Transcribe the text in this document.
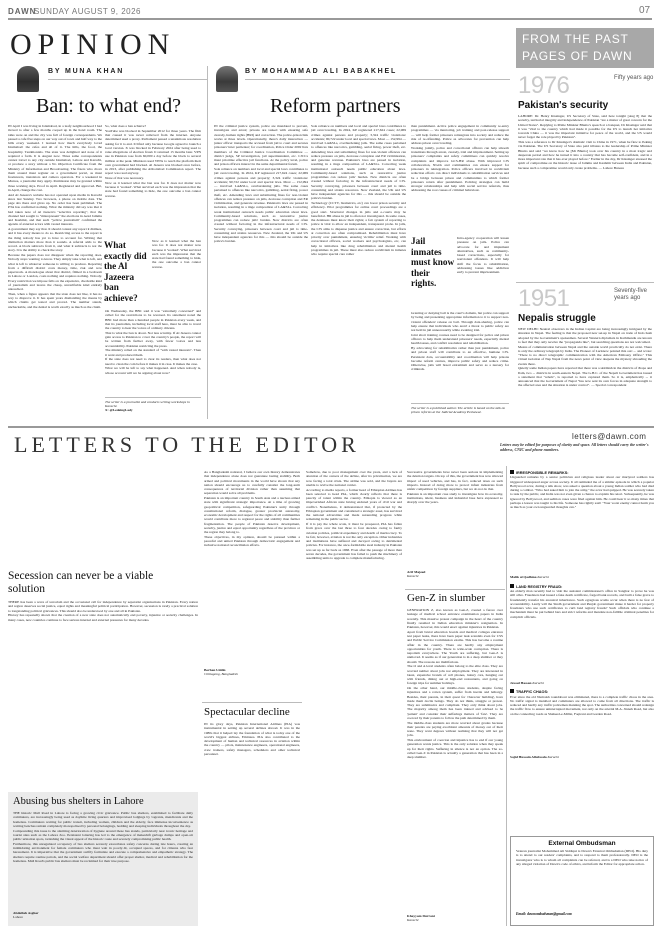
DAWN
SUNDAY AUGUST 9, 2026	07
OPINION
BY MUNA KHAN	BY MOHAMMAD ALI BABAKHEL
Ban: to what end?	Reform partners

IN April I was living in Islamabad, in a leafy neighbourhood I had moved to after a few months cooped up in the hotel room. The talks were on and the city was full of foreign correspondents. We passed a cafe five steps on our way out of town and half way to the hills every weekend. I learned how much everybody loved Islamabad: the cafes and all of it. The hills, the food, the hospitality. Testimonials. The state was delighted and none of it required a form. It is August now. Three same correspondents cannot travel to any city outside Islamabad, Lahore and Karachi, or produce a story without a No Objection Certificate from the Ministry of Information and Broadcasting. The fixers who drove them around must register on a government portal, as must freelancers, translators and camera operators. For a weekend in Murree, a journalist may apply. Permission may be granted within three working days. Proof in April. Registered and approved. But, in April, change the cast.

And Al Jazeera's website has not operated upon media in Karachi since last Sunday. Two browsers, a phone on mobile data. The page sits there and gives up. No order has been published. The PTA has confirmed nothing. What the ministry did say was that it had taken note of Al Jazeera's "selective reporting", that the channel had sought to "misrepresent" the elections in Azad Jammu and Kashmir, and that such "yellow journalism" confirmed the agenda of external actors with vested interests.

A government may say that. It should contest any report it dislikes, and it has every means to do so. Restricting access to the report is the thing nobody has yet to have to account for. Writing that distinction matters more than it sounds. A referral adds to the record. A block subtracts from it, and what it subtracts is not the story. It is the ability to check the story.

Because the papers does not disappear when the reporting does. Nobody stops wanting to know. They simply take what is left, and what is left is whatever someone is willing to produce. Reporting from a difficult district costs money, time, risk and now paperwork. A monologue about that district, filmed in a bedroom in Lahore or London, costs nothing and requires nothing. Nobody. Every restriction we impose falls on the expensive, checkable kind of journalism and leaves the cheap, unverifiable kind entirely untouched.

Then, when a figure appears that the state does not like, it has no way to disprove it. It has spent years dismantling the means by which claims get tested and proved. The number stands, uncheckable, and the denial is worth exactly as much as the claim.

So, what does a ban achieve?

YouTube was blocked in September 2012 for three years. The film that caused it was never removed from the internet. Anyone determined used a proxy. Parliament passed a unanimous resolution asking for it to end. It lifted only because Google agreed to launch a local version. X was blocked in February 2024 after being used to raise allegations of election fraud. It returned 15 months later. VPN use in Pakistan rose from 60,000 a day before the block to several million at the peak. Ministers used VPNs to reach the platform their own government had blocked. Al Jazeera was blocked once before, in 2013, after publishing the Abbottabad Commission report. The report was read anyway.

None of that was necessary.

Now as it learned what the ban was for. It does not matter now because it 'worked'. What survived each was the impression that the state had found something to hide, the one outcome a ban cannot reverse.

What exactly did the Al Jazeera ban achieve?

Now as it learned what the ban was for. It does not matter now because it 'worked'. What survived each was the impression that the state had found something to hide, the one outcome a ban cannot reverse.

On Wednesday, the BBC said it was "extremely concerned" and called for the restrictions to be reversed. Its statement noted the BBC had more than a hundred people in Pakistan every week, and that its journalists, including local staff here, must be able to travel the country to hear the voices of ordinary citizens.

That is what the ban is about. Not less scrutiny. If Al Jazeera cannot gain access to Pakistan to cover the country's people, the report will be written from further away, with fewer voices and less accountability. Pakistan restricting the press.

The ministry relied on the standard of "with vested interests". Then it went and produced them.

If the state does not need to clear its readers, then what does not need to clean the coin before it makes it in case. It makes the case.

What we will be left to say what happened. And when nobody is, whose account will we be arguing about now?

The writer is a journalist and conducts writing workshops in Karachi.
X: @LedeingLady

IN the criminal justice system, police are mandated to prevent, investigate and arrest; prisons are tasked with ensuring safe custody, human rights (HRI) and correction. The police-prison link works at three levels. Operationally, there's daily interaction — junior officer transports the accused from jail to court and secures prisoners' inter partienter; for coordination, Police Order 2002 lists members of the Criminal Justice Coordination Committee — district judge, SP investigation, jail superintendent, etc. CJCCs must prioritise effective jail functions. At the policy level, police and prison officers interact in the same departmental forum.

Sole reliance on numbers and local and special laws contributes to jail overcrowding. In 2024, KP registered 217,624 cases; 22,969 crimes against persons and property; 3,324 traffic violations/ accidents; 90,722 under local and special laws. Most — 152,994 — involved LA&SLs, overburdening jails. The same cases pertained to offences like narcotics, gambling, aerial firing, power theft, etc. Amending laws and substituting fines for non-violent offences can reduce pressure on jails, decrease corruption and ER victimisation, and generate revenue. Pakistan's laws are passed in isolation, resulting in a tinge composition of LA&SLs. Correcting weak institutional outreach needs public education about laws. Community-based solutions, such as restorative justice programmes can reduce jails' burden. New districts are often created without factoring in the infrastructural needs of CJS. Security conveying, prisoners between court and jail is time-consuming and strains resources. New Zealand, the UK and US have independent agencies for this — this should be outside the police's burden.

Sole reliance on numbers and local and special laws contributes to jail overcrowding. In 2024, KP registered 217,624 cases; 22,969 crimes against persons and property; 3,324 traffic violations/ accidents; 90,722 under local and special laws. Most — 152,994 — involved LA&SLs, overburdening jails. The same cases pertained to offences like narcotics, gambling, aerial firing, power theft, etc. Amending laws and substituting fines for non-violent offences can reduce pressure on jails, decrease corruption and ER victimisation, and generate revenue. Pakistan's laws are passed in isolation, resulting in a tinge composition of LA&SLs. Correcting weak institutional outreach needs public education about laws. Community-based solutions, such as restorative justice programmes can reduce jails' burden. New districts are often created without factoring in the infrastructural needs of CJS. Security conveying, prisoners between court and jail is time-consuming and strains resources. New Zealand, the UK and US have independent agencies for this — this should be outside the police's burden.

Technology (CCTV, biometrics, etc) can boost prison security and efficiency. Pilot programmes for online court proceedings are a good start. Structural changes in jails and e-courts may be beneficial. HR abuse in jail is often not investigated. In some cases, the detainees must know their rights; a fair system of reporting to police is vital to allow an independent, transparent probe. In jails, the CJS aims to dispense justice and ensure correction, but efforts at correction are often compromised. Rehabilitation must have priority over punishment, ensuring victims' relief. Working with correctional officers, social workers and psychologists, etc, can help in initiatives like drug rehabilitation and mental health programmes in jail. These must also reduce recidivism in inmates who require special care rather

than punishment. Active police engagement in community re-entry programmes — via mentoring, job training and post-release support — will help former prisoners reintegrate into society and reduce the risk of re-offending. Police as advocates for prevention can help address prison overcrowding.

Working jointly, police and correctional officers can help smooth transitions through arrest, custody, trial and imprisonment. Setting up prisoners' complaints and safety committees can quickly resolve complaints and improve GCS-HR abuse. With improved CJS collaboration, NGOs and communities can ensure support for prisoners in reintegration. Police officers involved in recidivism reduction efforts can direct individuals to rehabilitation services and be a bridge between prison and communities to which former prisoners return after punishment. Policing strategies can build stronger relationships and help with social service referrals, thus addressing the root causes of criminal behaviour.

Jail inmates must know their rights.

Intra-agency cooperation will lessen pressure on jails. Police can advocate for and implement alternatives, such as community-based corrections, especially for nonviolent offenders. It will help shift the focus to rehabilitation, addressing issues like addiction early to prevent imprisonment.

Granting or denying bail is the court's domain, but police can support by being and presenting appropriate information to it to support non-violent offenders' release on bail. Through data-sharing, police can help ensure that individuals who aren't a threat to public safety are not held in jail unnecessarily while awaiting trial.

Joint short training courses need to be designed for police and prison officers to help them understand prisoners' needs, especially mental health issues, and conflict resolution and rehabilitation.

By advocating for rehabilitative rather than just punishment, police and prison staff will contribute to an effective, humane CJS. Persistent data, accountability and coordination will help prisons become reform centres, improve public safety and reduce crime. Otherwise, jails will breed extremism and serve as a nursery for criminals.

The writer is a published author. The article is based on the talk on prison reforms at the Judicial Academy Peshawar.
FROM THE PAST
PAGES OF DAWN
1976	Fifty years ago
Pakistan's security

LAHORE: Dr. Henry Kissinger, US Secretary of State, said here tonight [Aug 8] that the security, territorial integrity and independence of Pakistan "are a matter of great concern for the United States". Replying to Prime Minister Bhutto's speech at a banquet, Dr Kissinger said that it was "vital to the country which had made it possible for the US to launch her initiative towards China — it was the important initiative for peace of the world, and the US would never forget the role played by Pakistan".

This was a reference to Dr Kissinger's dramatic visit to China in 1971, when he flew to Peking via Pakistan. The US Secretary of State also paid tributes to the leadership of Prime Minister Bhutto and said "we know how he [Mr Bhutto] took over his country in a most tragic and desperate period and how he turned it into a country that has become self-confident, and in a more important role that it has ever played before." Earlier in the day, Dr Kissinger stressed the spirit of compromise on the historic issue of Jammu and Kashmir between India and Pakistan, because such a compromise would only create problems. — Lahore Bureau

1951	Seventy-five years ago
Nepalis struggle

NEW DELHI: Neutral observers in the Indian Capital are being increasingly intrigued by the situation in Nepal. The feeling is that the proposed new set-up in Nepal on trade of Indo hash adopted by the Government's spokesmen. Several Western diplomats in Kathmandu are known to feel that they only receive the "propaganda line", but searching questions are not welcomed.

Means of communication between Nepal and the outside world practically do not exist. There is only the ordinary telegraph by India. The Pioneer of Lucknow pointed this out: ... and wrote: "There is no direct telegraphic communication with the American Embassy Office." This virtual isolation of Nep Nepal from the news point of view deepens the mystery shrouding the events there.

Quietly some Indian papers have reported that there was a skirmish in the districts of Jhapa and Ilam, two ... districts in south-eastern Nepal. The G.H.C. of the Nepali Government has issued a statement that "rebels", is reported to have captured them. So it is, emphatically ... it announced that the Government of Nepal "has now sent its own forces in adequate strength to the affected area and the situation is under control". — Special correspondent

LETTERS TO THE EDITOR	letters@dawn.com
Letters may be edited for purposes of clarity and space. All letters should carry the writer's address, CNIC and phone numbers.
Secession can never be a viable solution

THERE has been a wave of terrorism and the occasional call for independence by separatist organisations in Pakistan. Every nation and region deserves social justice, equal rights and meaningful political participation. However, secession is rarely a practical solution to longstanding political grievances. This should also be understood by one and all in Pakistan.

History has repeatedly shown that the creation of a new state does not automatically end poverty, injustice or security challenges. In many cases, new countries continue to face serious internal and external pressures for many decades.

Abusing bus shelters in Lahore

THE historic Mall Road in Lahore is facing a growing civic grievance. Public bus shelters, established to facilitate daily commuters, are increasingly being used as daytime living quarters and improvised lodgings by vagrants, mendicants and the homeless. Commuters waiting for public transit, including women, children and the elderly, face immense inconvenience as waiting benches remain completely monopolised by personal belongings, bedding and sleeping individuals throughout the day.

Compounding this issue is the alarming deterioration of hygiene around these bus stands, particularly near iconic heritage and tourist sites such as the Lahore Zoo. Persistent loitering has led to the emergence of makeshift garbage dumps and open-air public urination spots, tarnishing the visual appeal of the historic route and severely compromising public health.

Furthermore, this unregulated occupancy of bus shelters severely exacerbates safety concerns during late hours, creating an intimidating environment for female commuters who must wait in poorly-lit, occupied spaces, and for citizens who fear harassment. It is imperative that the government swiftly formulate and execute a comprehensive and empathetic strategy. The shelters require routine patrols, and the social welfare department should offer proper shelter, medical and rehabilitation for the homeless. Mall Road's public bus shelters must be reclaimed for their true purpose.

Abdullah Asghar
Lahore

As a Bangladeshi national, I believe our own history demonstrates that independence alone does not guarantee lasting stability. Both armed and political movements in the world have shown that any nation should encourage us to carefully consider the long-term consequences of territorial division rather than assuming that separation would solve all problems.

Pakistan is an important country in South Asia and a nuclear-armed state with significant strategic importance. At a time of growing geopolitical competition, safeguarding Pakistan's unity through constitutional reform, dialogue, greater provincial autonomy, economic development and respect for the rights of all communities would contribute more to regional peace and stability than further fragmentation. The people of Pakistan deserve development, security, justice and equal opportunity regardless of the province or the region they belong to.

These objectives, in my opinion, should be pursued within a peaceful and united Pakistan through democratic engagement and inclusive national reconciliation efforts.

Borhan Uddin
Chittagong, Bangladesh
Spectacular decline

IN its glory days, Pakistan International Airlines (PIA) was instrumental in setting up several airlines abroad. It was in the 1980s that it helped lay the foundation of what is today one of the world's biggest airlines, Emirates. PIA also contributed to the development of human and technical resources in aviation within the country — pilots, maintenance engineers, operational engineers, crew trainers, safety managers, schedulers and other technical personnel.

Somehow, due to poor management over the years, and a lack of attention of the owners of the airline, after its privatisation, we are now facing a total crisis. The airline was sold, and the buyers are unable to revive the national carrier.

According to media reports, a former head of Ethiopian Airlines has been selected to head PIA, which clearly reflects that there is paucity of talent within the country. Ethiopia is viewed as an impoverished African state having endured years of civil war and conflict. Nonetheless, it demonstrated that, if protected by the Ethiopian government and considered a strategic asset, has survived the national adversities and made astounding progress while remaining in the public sector.

If it is pay the whole scale, it must be prospered, PIA has fallen from grace over the last three to four decades owing to faulty aviation policies, political expediency and dearth of meritocracy. To be fair, however, aviation is not the only exception. Other industries and institutions have suffered and decayed owing to detrimental policies. For instance, the once-formidable steel industry in Pakistan was set up as far back as 1968. Even after the passage of more than seven decades, the government has failed to push the machinery of assembling units to upgrade to complete manufacturing.

Successive governments have never been serious in implementing the deletion targets. On top of this, the government has now allowed import of used vehicles, and has, in fact, reduced taxes on such imports. Instead of doing more to protect infant industries from unfair competition by foreign suppliers, but we do not do that.

Pakistan is an important case study to investigate how its economy, institutions, talent, business and industrial base have expressed so sharply over the years.

Arif Majeed
Karachi
Gen-Z in slumber

GENERATION Z, also known as Gen-Z, created a furore over leakage of medical school entrance examination papers in India recently. This massive protest campaign in the heart of the country finally resulted in Indian education minister's resignation. In Pakistan, however, this would enact against injustices in Pakistan.

Apart from brutal education boards and medical colleges entrance test paper leaks, there have been paper leak scandals even for CSS and Public Service Commission exams. This has become a routine affair in the country. There are hardly any employment opportunities for youth. There is wide-scale corruption. There is nepotism everywhere. The Youth are suffering, but Gen-Z is unmoved. It seems as if our generation is in a deep slumber or they should. The reasons are multifarious.

The O and A level students often belong to the elite class. They are worried neither about jobs nor employment. They are interested in latest, expensive brands of cell phones, luxury cars, hanging out with friends, dining out at high-end restaurants, and going on foreign trips for summer holidays.

On the other hand, our middle-class students, despite facing injustices and a rotten system, suffer from inertia and lethargy. Besides, their parents, in their quest for 'character building', have made them docile beings. They do not think, struggle or protest. They are submissive and compliant. They only think about jobs. The majority among them has been trained and advised to be 'patient' and consider their sufferings matters of 'fate'. They are coerced by their parents to follow the path determined by them.

The middle-class students are more worried about grades because their parents are paying exorbitant amounts of money out of their none. They want degrees without realising that they will not get jobs.

This environment of coercion and injustice has to end if our young generation wants justice. This is the only solution when they speak up for their rights. Suffering in silence is not an option. The so-called Gen-Z in Pakistan is actually a generation that has been in a deep slumber.

Khayyam Durrani
Karachi
IRRESPONSIBLE REMARKS:

Unguarded remarks by a senior politician and religious leader about our martyred soldiers has triggered widespread anger across society. It all reminded me of a similar episode in which a popular Bollywood actor, during a talk show, was asked a question about a young Indian soldier who had died during a combat. "Who had asked him to join the army," the actor had quipped. He was severely taken to task by the public, and India was not even given a chance to explain his retort. Subsequently, he was ignored by Bollywood, and sedition cases were filed against him. He could hear it so many times that perhaps a lesson was taught to his life. Someone has rightly said: "Your worst enemy cannot harm you as much as your own unguarded thoughts can."

Malik al Qadhma Karachi
LAND REGISTRY FRAUD:

An elderly man recently had to visit the assistant commissioner's office in Sanghar to prove he was still alive. Fraudsters had issued a fake death certificate, forged bank records, and built a false grave to fraudulently transfer his ancestral inheritance. Such egregious scams occur when there is no fear of accountability. Lastly will the Sindh government and Punjab government make it harder for property fraudsters who use such certificates to curb land registry frauds? Such officials who continue a mechanism must be put behind bars and strict reforms and mandate non-fallible criminal penalties for complicit officials.

Jawad Hassan Karachi
TRAFFIC CHAOS:

Ever since the old Numaish roundabout was eliminated, there is a complete traffic chaos in the area. No traffic signal is installed and commuters are allowed to come from all directions. The traffic is reduced and hardly any traffic policemen manning the spot. The authorities concerned should redesign the traffic flow to ensure uninterrupted movement, not only on the arterial M.A. Jinnah Road, but also on the connecting roads as Shaheed-e-Millat, Faqirani and Garden Road.

Sajid Hussain Allahwala Karachi
External Ombudsman
Veteran journalist Mohammad Ali Siddiqui is Dawn's External Ombudsman (DEO). His duty is to attend to our readers' complaints, and to respond to them professionally. DEO is the investigator who is to whom all complaints can be referred, and is a DEO who take notice of any alleged violation of Dawn's code of ethics, and inform the Editor for appropriate action.
Email: dawnombudsman@gmail.com
